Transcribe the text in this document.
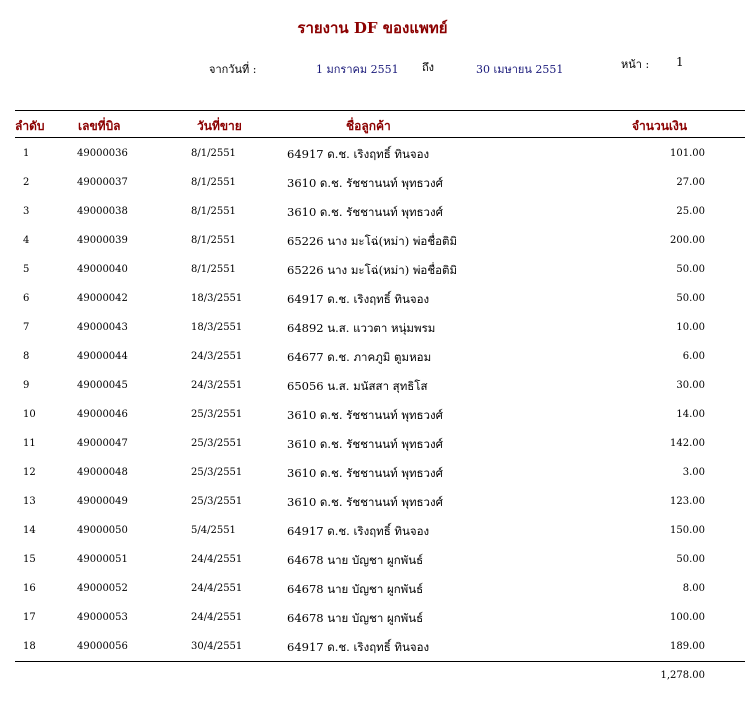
รายงาน DF ของแพทย์
จากวันที่ :	1 มกราคม 2551 ถึง	30 เมษายน 2551	หน้า : 1
ลำดับ	เลขที่บิล	วันที่ขาย	ชื่อลูกค้า	จำนวนเงิน
1	49000036	8/1/2551	64917 ด.ช. เริงฤทธิ์ ทินจอง	101.00
2	49000037	8/1/2551	3610 ด.ช. รัชชานนท์ พุทธวงศ์	27.00
3	49000038	8/1/2551	3610 ด.ช. รัชชานนท์ พุทธวงศ์	25.00
4	49000039	8/1/2551	65226 นาง มะโฉ่(หม่า) พ่อชื่อติมิ	200.00
5	49000040	8/1/2551	65226 นาง มะโฉ่(หม่า) พ่อชื่อติมิ	50.00
6	49000042	18/3/2551	64917 ด.ช. เริงฤทธิ์ ทินจอง	50.00
7	49000043	18/3/2551	64892 น.ส. แววตา หนุ่มพรม	10.00
8	49000044	24/3/2551	64677 ด.ช. ภาคภูมิ ตูมหอม	6.00
9	49000045	24/3/2551	65056 น.ส. มนัสสา สุทธิโส	30.00
10	49000046	25/3/2551	3610 ด.ช. รัชชานนท์ พุทธวงศ์	14.00
11	49000047	25/3/2551	3610 ด.ช. รัชชานนท์ พุทธวงศ์	142.00
12	49000048	25/3/2551	3610 ด.ช. รัชชานนท์ พุทธวงศ์	3.00
13	49000049	25/3/2551	3610 ด.ช. รัชชานนท์ พุทธวงศ์	123.00
14	49000050	5/4/2551	64917 ด.ช. เริงฤทธิ์ ทินจอง	150.00
15	49000051	24/4/2551	64678 นาย บัญชา ผูกพันธ์	50.00
16	49000052	24/4/2551	64678 นาย บัญชา ผูกพันธ์	8.00
17	49000053	24/4/2551	64678 นาย บัญชา ผูกพันธ์	100.00
18	49000056	30/4/2551	64917 ด.ช. เริงฤทธิ์ ทินจอง	189.00
1,278.00
